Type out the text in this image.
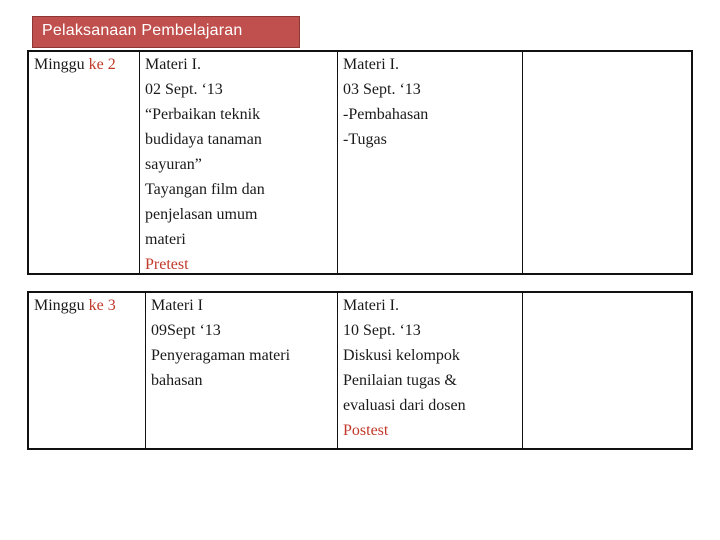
Pelaksanaan Pembelajaran
Minggu ke 2 Materi I.
02 Sept. ‘13
“Perbaikan teknik
budidaya tanaman
sayuran”
Tayangan film dan
penjelasan umum
materi
Pretest
Materi I.
03 Sept. ‘13
-Pembahasan
-Tugas
Minggu ke 3 Materi I
09Sept ‘13
Penyeragaman materi
bahasan
Materi I.
10 Sept. ‘13
Diskusi kelompok
Penilaian tugas &
evaluasi dari dosen
Postest
